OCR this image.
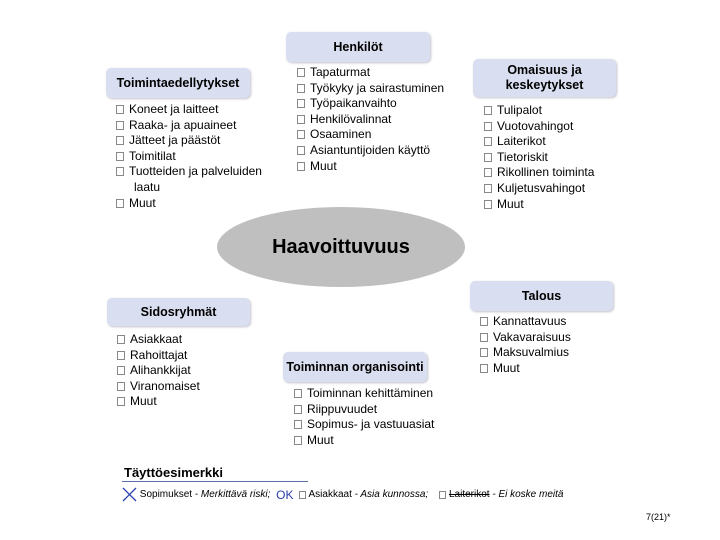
Haavoittuvuus
Henkilöt
Tapaturmat
Työkyky ja sairastuminen
Työpaikanvaihto
Henkilövalinnat
Osaaminen
Asiantuntijoiden käyttö
Muut
Toimintaedellytykset
Koneet ja laitteet
Raaka- ja apuaineet
Jätteet ja päästöt
Toimitilat
Tuotteiden ja palveluiden
laatu
Muut
Omaisuus ja
keskeytykset
Tulipalot
Vuotovahingot
Laiterikot
Tietoriskit
Rikollinen toiminta
Kuljetusvahingot
Muut
Sidosryhmät
Asiakkaat
Rahoittajat
Alihankkijat
Viranomaiset
Muut
Talous
Kannattavuus
Vakavaraisuus
Maksuvalmius
Muut
Toiminnan organisointi
Toiminnan kehittäminen
Riippuvuudet
Sopimus- ja vastuuasiat
Muut
Täyttöesimerkki
Sopimukset - Merkittävä riski; OK Asiakkaat - Asia kunnossa; Laiterikot - Ei koske meitä
7(21)*
